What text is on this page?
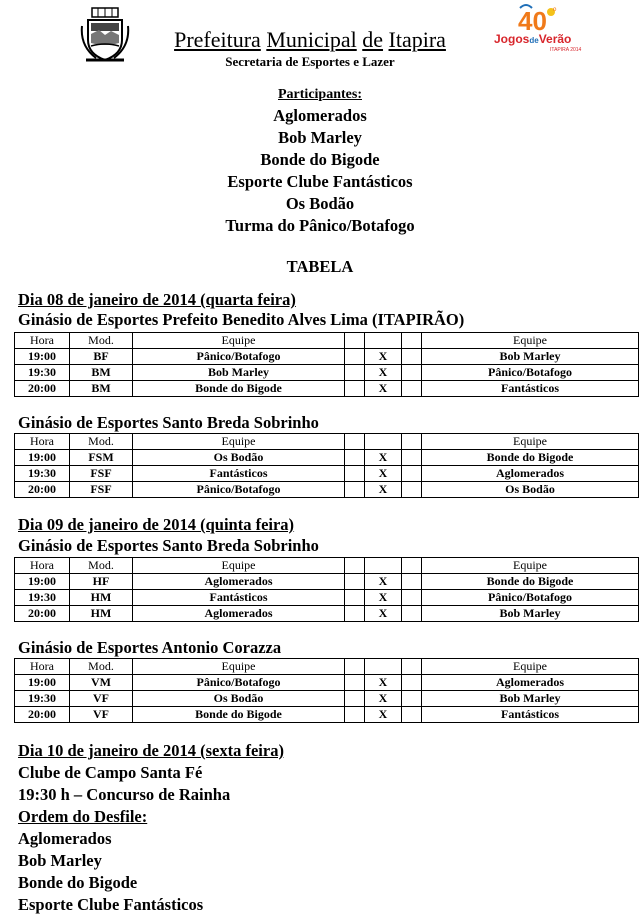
Prefeitura Municipal de Itapira
Secretaria de Esportes e Lazer
40 º
JogosdeVerão
ITAPIRA 2014
Participantes:
Aglomerados
Bob Marley
Bonde do Bigode
Esporte Clube Fantásticos
Os Bodão
Turma do Pânico/Botafogo
TABELA
Dia 08 de janeiro de 2014 (quarta feira)
Ginásio de Esportes Prefeito Benedito Alves Lima (ITAPIRÃO)
Hora	Mod.	Equipe				Equipe
19:00	BF	Pânico/Botafogo		X		Bob Marley
19:30	BM	Bob Marley		X		Pânico/Botafogo
20:00	BM	Bonde do Bigode		X		Fantásticos
Ginásio de Esportes Santo Breda Sobrinho
Hora	Mod.	Equipe				Equipe
19:00	FSM	Os Bodão		X		Bonde do Bigode
19:30	FSF	Fantásticos		X		Aglomerados
20:00	FSF	Pânico/Botafogo		X		Os Bodão
Dia 09 de janeiro de 2014 (quinta feira)
Ginásio de Esportes Santo Breda Sobrinho
Hora	Mod.	Equipe				Equipe
19:00	HF	Aglomerados		X		Bonde do Bigode
19:30	HM	Fantásticos		X		Pânico/Botafogo
20:00	HM	Aglomerados		X		Bob Marley
Ginásio de Esportes Antonio Corazza
Hora	Mod.	Equipe				Equipe
19:00	VM	Pânico/Botafogo		X		Aglomerados
19:30	VF	Os Bodão		X		Bob Marley
20:00	VF	Bonde do Bigode		X		Fantásticos
Dia 10 de janeiro de 2014 (sexta feira)
Clube de Campo Santa Fé
19:30 h – Concurso de Rainha
Ordem do Desfile:
Aglomerados
Bob Marley
Bonde do Bigode
Esporte Clube Fantásticos
